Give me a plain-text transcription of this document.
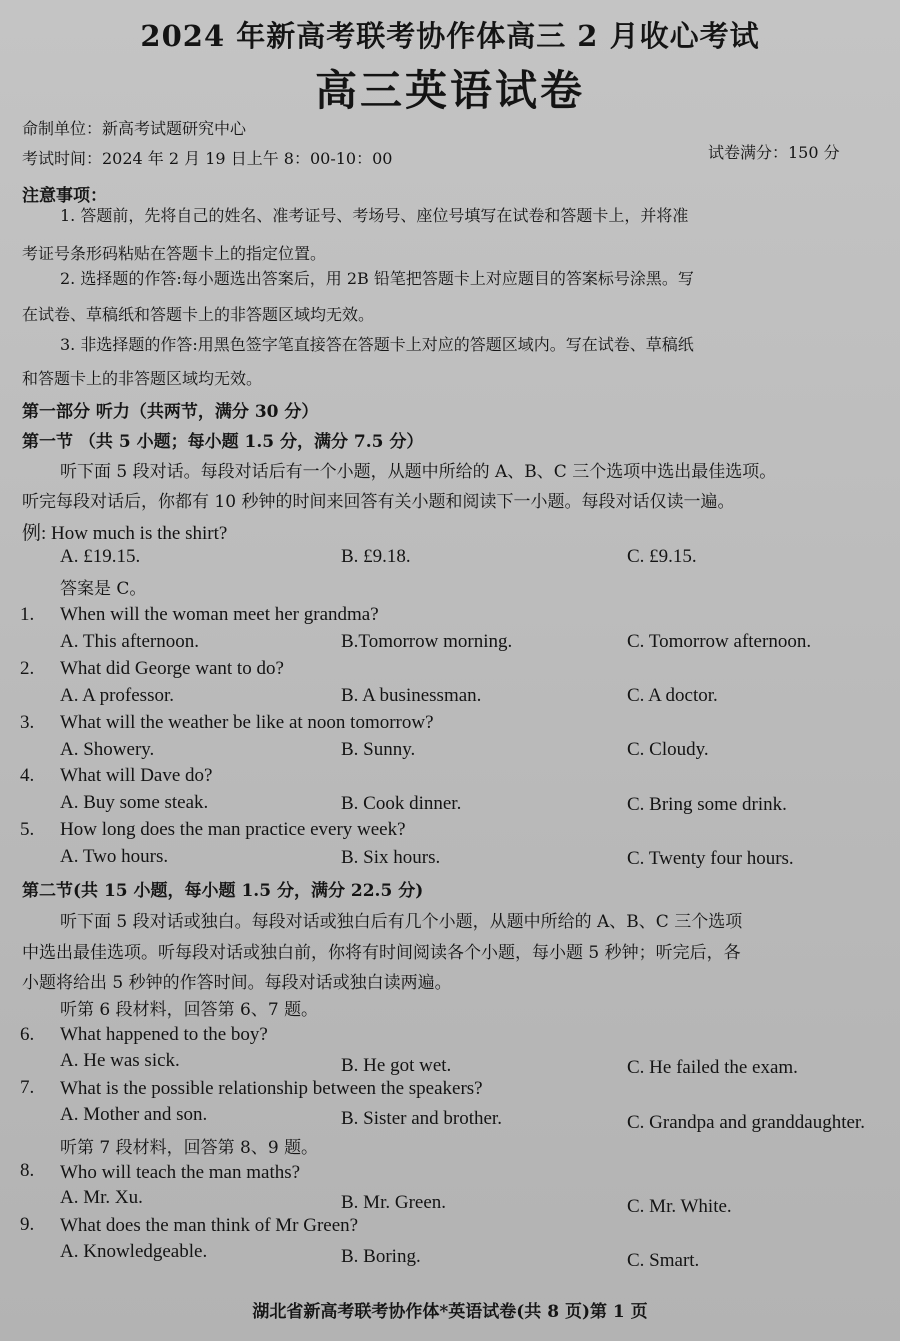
2024 年新高考联考协作体高三 2 月收心考试
高三英语试卷
命制单位：新高考试题研究中心
考试时间：2024 年 2 月 19 日上午 8：00-10：00	试卷满分：150 分
注意事项：
1. 答题前，先将自己的姓名、准考证号、考场号、座位号填写在试卷和答题卡上，并将准
考证号条形码粘贴在答题卡上的指定位置。
2. 选择题的作答:每小题选出答案后，用 2B 铅笔把答题卡上对应题目的答案标号涂黑。写
在试卷、草稿纸和答题卡上的非答题区域均无效。
3. 非选择题的作答:用黑色签字笔直接答在答题卡上对应的答题区域内。写在试卷、草稿纸
和答题卡上的非答题区域均无效。
第一部分 听力（共两节，满分 30 分）
第一节 （共 5 小题；每小题 1.5 分，满分 7.5 分）
听下面 5 段对话。每段对话后有一个小题，从题中所给的 A、B、C 三个选项中选出最佳选项。
听完每段对话后，你都有 10 秒钟的时间来回答有关小题和阅读下一小题。每段对话仅读一遍。
例: How much is the shirt?
A. £19.15.	B. £9.18.	C. £9.15.
答案是 C。
1. When will the woman meet her grandma?
A. This afternoon.	B.Tomorrow morning.	C. Tomorrow afternoon.
2. What did George want to do?
A. A professor.	B. A businessman.	C. A doctor.
3. What will the weather be like at noon tomorrow?
A. Showery.	B. Sunny.	C. Cloudy.
4. What will Dave do?
A. Buy some steak.	B. Cook dinner.	C. Bring some drink.
5. How long does the man practice every week?
A. Two hours.	B. Six hours.	C. Twenty four hours.
第二节(共 15 小题，每小题 1.5 分，满分 22.5 分)
听下面 5 段对话或独白。每段对话或独白后有几个小题，从题中所给的 A、B、C 三个选项
中选出最佳选项。听每段对话或独白前，你将有时间阅读各个小题，每小题 5 秒钟；听完后，各
小题将给出 5 秒钟的作答时间。每段对话或独白读两遍。
听第 6 段材料，回答第 6、7 题。
6. What happened to the boy?
A. He was sick.	B. He got wet.	C. He failed the exam.
7. What is the possible relationship between the speakers?
A. Mother and son.	B. Sister and brother.	C. Grandpa and granddaughter.
听第 7 段材料，回答第 8、9 题。
8. Who will teach the man maths?
A. Mr. Xu.	B. Mr. Green.	C. Mr. White.
9. What does the man think of Mr Green?
A. Knowledgeable.	B. Boring.	C. Smart.
湖北省新高考联考协作体*英语试卷(共 8 页)第 1 页
